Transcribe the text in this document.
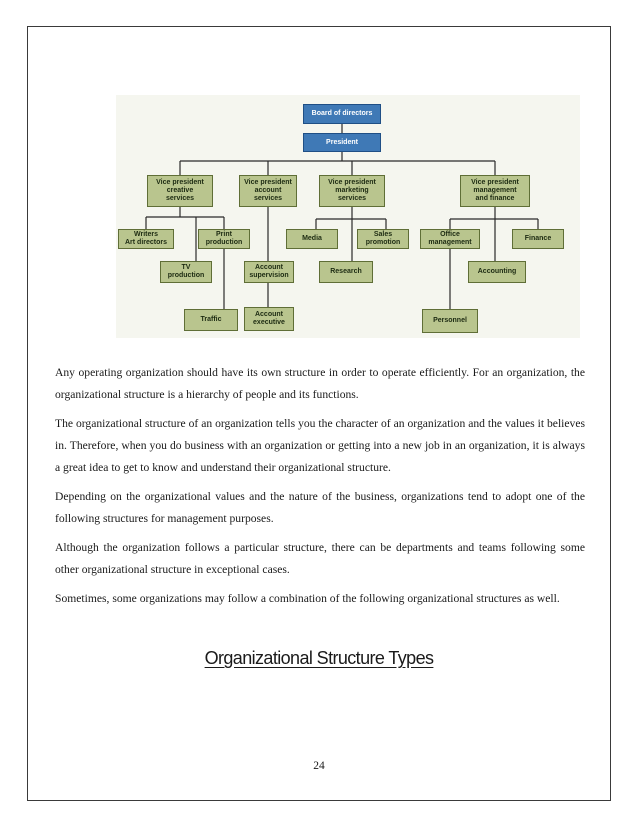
Board of directors
President
Vice president
creative
services
Vice president
account
services
Vice president
marketing
services
Vice president
management
and finance
Writers
Art directors
Print
production
TV
production
Traffic
Account
supervision
Account
executive
Media
Sales
promotion
Research
Office
management
Finance
Accounting
Personnel

Any operating organization should have its own structure in order to operate efficiently. For an organization, the organizational structure is a hierarchy of people and its functions.

The organizational structure of an organization tells you the character of an organization and the values it believes in. Therefore, when you do business with an organization or getting into a new job in an organization, it is always a great idea to get to know and understand their organizational structure.

Depending on the organizational values and the nature of the business, organizations tend to adopt one of the following structures for management purposes.

Although the organization follows a particular structure, there can be departments and teams following some other organizational structure in exceptional cases.

Sometimes, some organizations may follow a combination of the following organizational structures as well.

Organizational Structure Types
24
